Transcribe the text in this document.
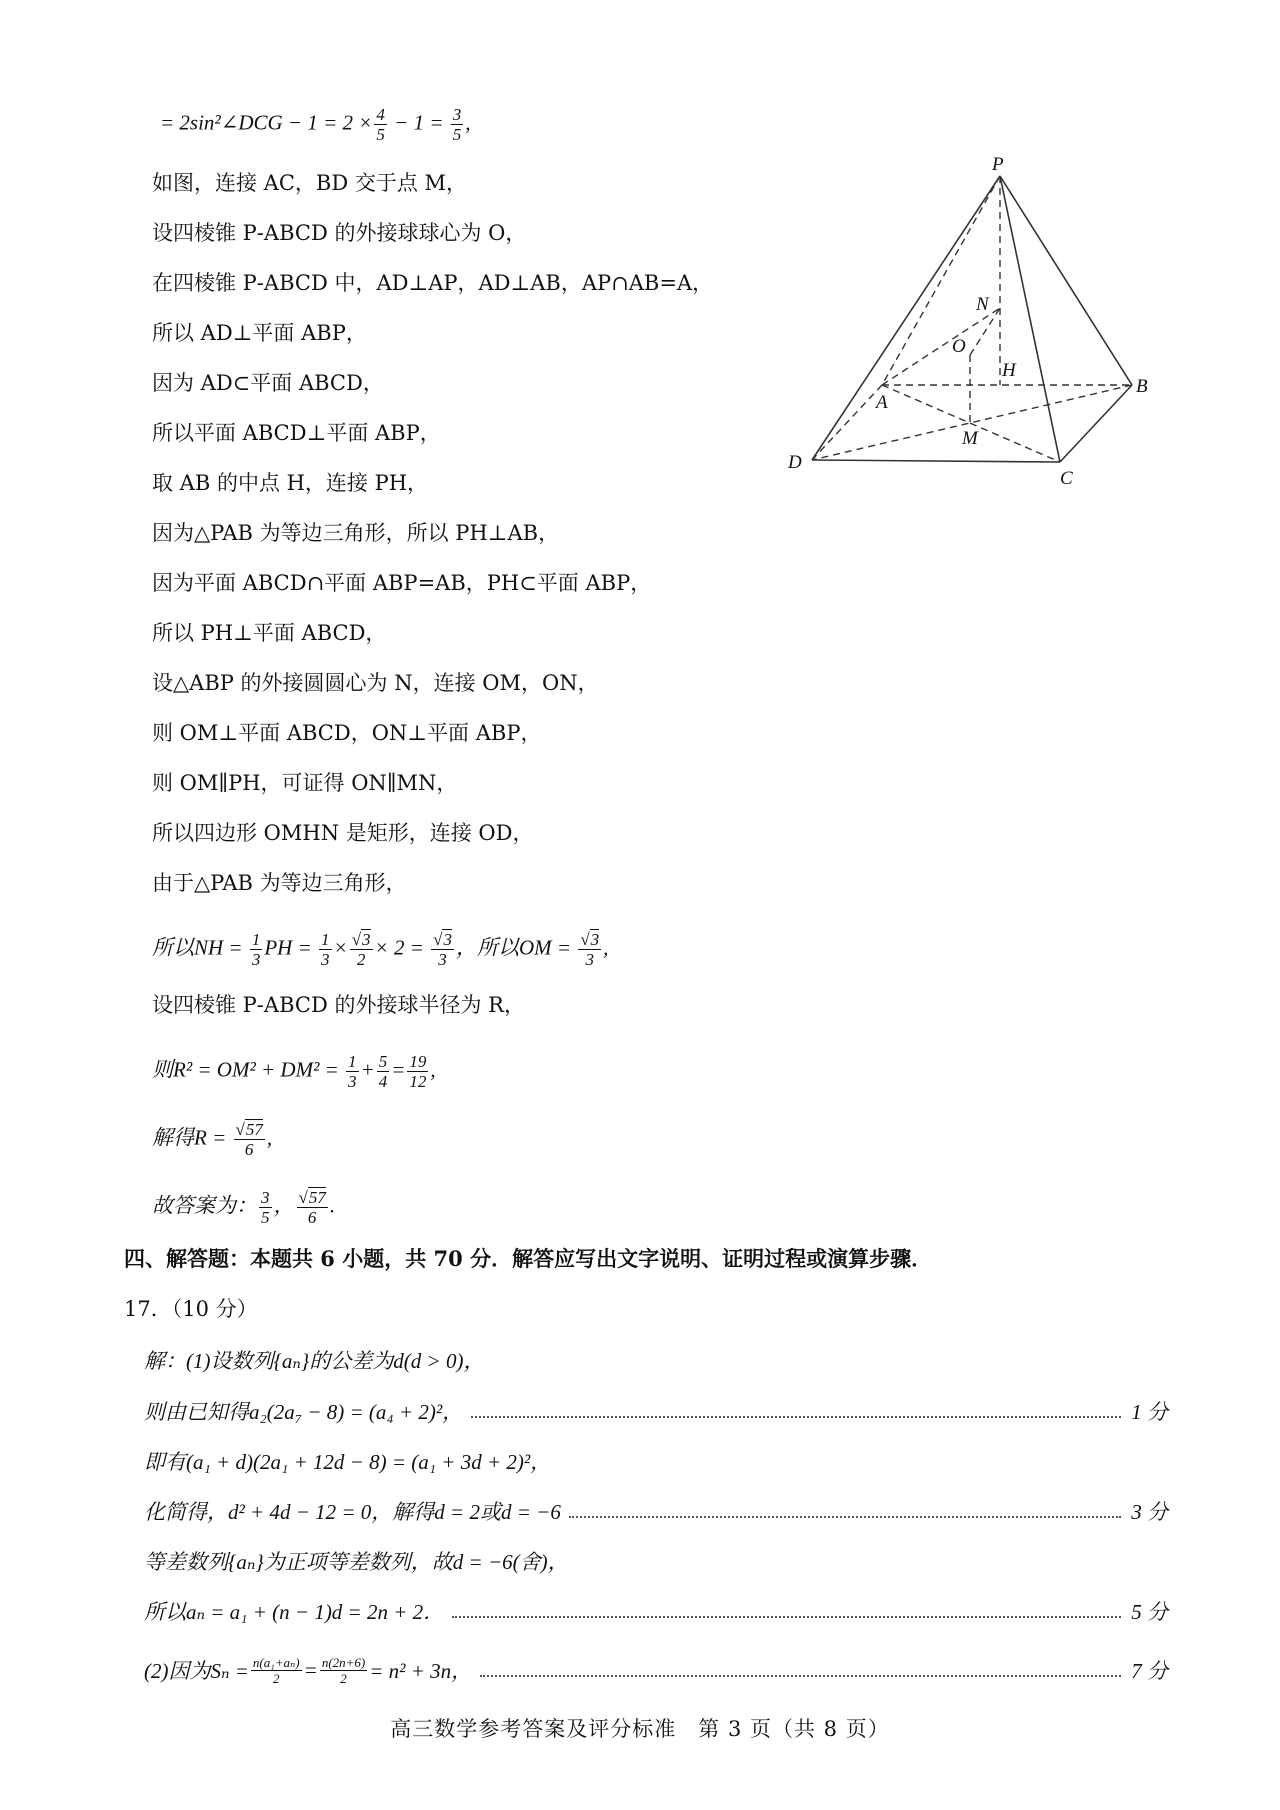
= 2sin²∠DCG − $1 = 2 \times \frac{4}{5} - 1 = \frac{3}{5}$ ,
如图，连接 AC，BD 交于点 M，
设四棱锥 P‐ABCD 的外接球球心为 O，
在四棱锥 P‐ABCD 中，AD⊥AP，AD⊥AB，AP∩AB=A，
所以 AD⊥平面 ABP，
因为 AD⊂平面 ABCD，
所以平面 ABCD⊥平面 ABP，
取 AB 的中点 H，连接 PH，
因为△PAB 为等边三角形，所以 PH⊥AB，
因为平面 ABCD∩平面 ABP=AB，PH⊂平面 ABP，
所以 PH⊥平面 ABCD，
设△ABP 的外接圆圆心为 N，连接 OM，ON，
则 OM⊥平面 ABCD，ON⊥平面 ABP，
则 OM∥PH，可证得 ON∥MN，
所以四边形 OMHN 是矩形，连接 OD，
由于△PAB 为等边三角形，
所以NH = $\frac{1}{3}$ PH = $\frac{1}{3} \times \frac{√3}{2} \times 2 = \frac{√3}{3}$ ，所以OM = $\frac{√3}{3}$ ,
设四棱锥 P‐ABCD 的外接球半径为 R，
则$R^2 = OM^2 + DM^2 = \frac{1}{3} + \frac{5}{4} = \frac{19}{12}$ ,
解得$R = \frac{√57}{6}$ ,
故答案为： $\frac{3}{5}$ ， $\frac{√57}{6}$ .
四、解答题：本题共 6 小题，共 70 分．解答应写出文字说明、证明过程或演算步骤．
17．（10 分）
解：(1)设数列{aₙ}的公差为d(d > 0)，
则由已知得a₂(2a₇ − 8) = (a₄ + 2)²，	1 分
即有(a₁ + d)(2a₁ + 12d − 8) = (a₁ + 3d + 2)²，
化简得，d² + 4d − 12 = 0，解得d = 2或d = −6	3 分
等差数列{aₙ}为正项等差数列，故d = −6(舍)，
所以aₙ = a₁ + (n − 1)d = 2n + 2．	5 分
(2)因为$S_n = \frac{\text{n(a₁+aₙ)}}{2} = \frac{n(2n+6)}{2} = n^2 + 3n$，	7 分
P
N
O
H
A
B
M
D
C
高三数学参考答案及评分标准　第 3 页（共 8 页）
